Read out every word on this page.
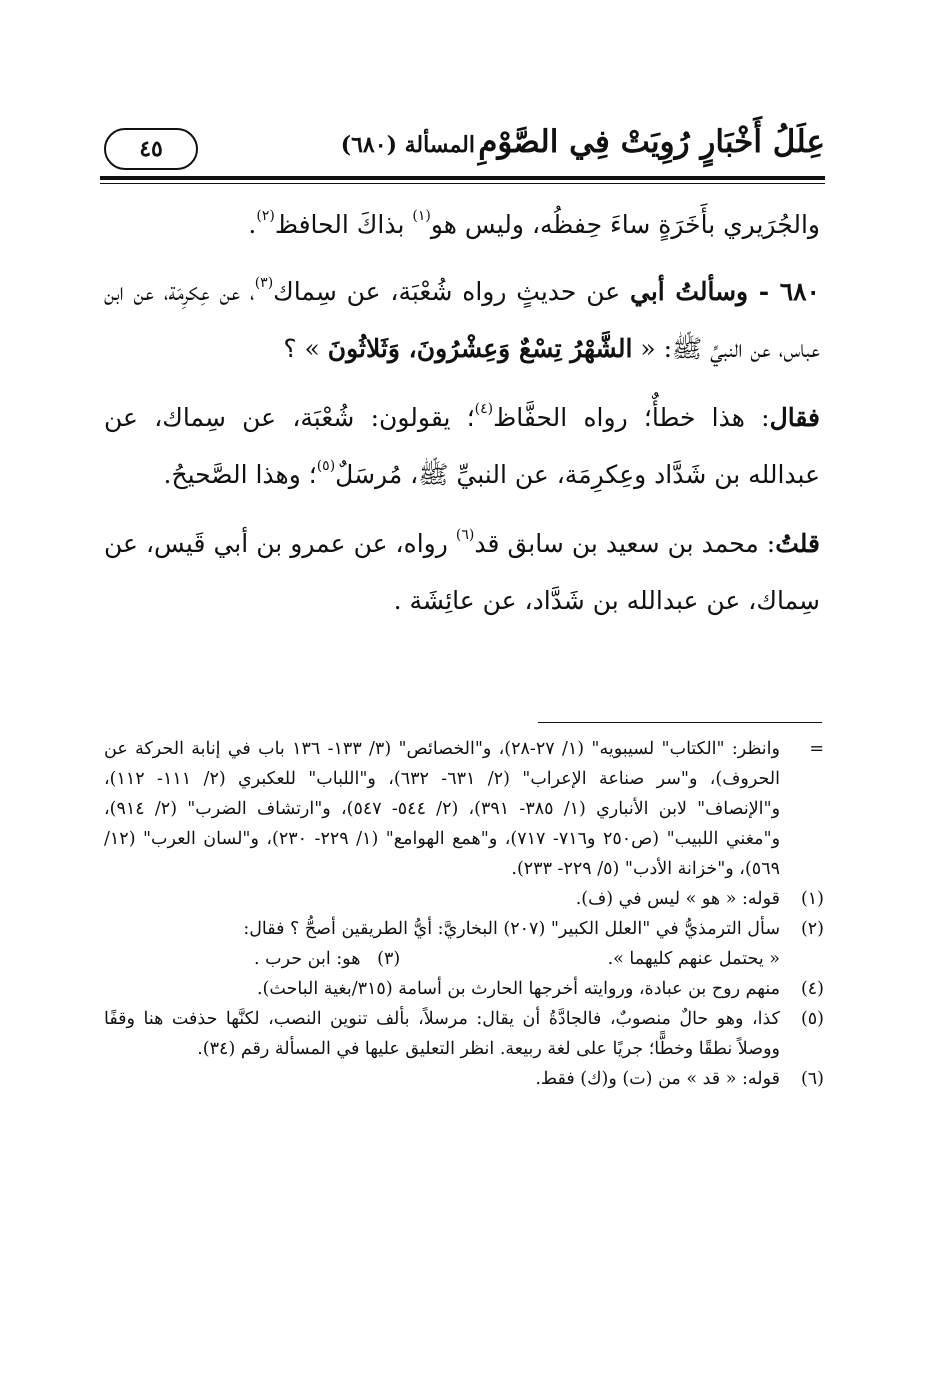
عِلَلُ أَخْبَارٍ رُوِيَتْ فِي الصَّوْمِ
المسألة (٦٨٠)
٤٥

والجُرَيري بأَخَرَةٍ ساءَ حِفظُه، وليس هو$^{(١)}$ بذاكَ الحافظ$^{(٢)}$.

٦٨٠ - وسألتُ أبي عن حديثٍ رواه شُعْبَة، عن سِماك$^{(٣)}$، عن عِكرِمَة، عن ابن عباس، عن النبيِّ ﷺ: « الشَّهْرُ تِسْعٌ وَعِشْرُونَ، وَثَلاثُونَ » ؟

فقال: هذا خطأٌ؛ رواه الحفَّاظ$^{(٤)}$؛ يقولون: شُعْبَة، عن سِماك، عن عبدالله بن شَدَّاد وعِكرِمَة، عن النبيِّ ﷺ، مُرسَلٌ$^{(٥)}$؛ وهذا الصَّحيحُ.

قلتُ: محمد بن سعيد بن سابق قد$^{(٦)}$ رواه، عن عمرو بن أبي قَيس، عن سِماك، عن عبدالله بن شَدَّاد، عن عائِشَة .

=
وانظر: "الكتاب" لسيبويه" (١/ ٢٧-٢٨)، و"الخصائص" (٣/ ١٣٣- ١٣٦ باب في إنابة الحركة عن الحروف)، و"سر صناعة الإعراب" (٢/ ٦٣١- ٦٣٢)، و"اللباب" للعكبري (٢/ ١١١- ١١٢)، و"الإنصاف" لابن الأنباري (١/ ٣٨٥- ٣٩١)، (٢/ ٥٤٤- ٥٤٧)، و"ارتشاف الضرب" (٢/ ٩١٤)، و"مغني اللبيب" (ص٢٥٠ و٧١٦- ٧١٧)، و"همع الهوامع" (١/ ٢٢٩- ٢٣٠)، و"لسان العرب" (١٢/ ٥٦٩)، و"خزانة الأدب" (٥/ ٢٢٩- ٢٣٣).
(١)
قوله: « هو » ليس في (ف).
(٢)
سأل الترمذيُّ في "العلل الكبير" (٢٠٧) البخاريَّ: أيُّ الطريقين أصحُّ ؟ فقال:
« يحتمل عنهم كليهما ».
(٣)   هو: ابن حرب .
(٤)
منهم روح بن عبادة، وروايته أخرجها الحارث بن أسامة (٣١٥/بغية الباحث).
(٥)
كذا، وهو حالٌ منصوبٌ، فالجادَّةُ أن يقال: مرسلاً، بألف تنوين النصب، لكنَّها حذفت هنا وقفًا ووصلاً نطقًا وخطًّا؛ جريًا على لغة ربيعة. انظر التعليق عليها في المسألة رقم (٣٤).
(٦)
قوله: « قد » من (ت) و(ك) فقط.
